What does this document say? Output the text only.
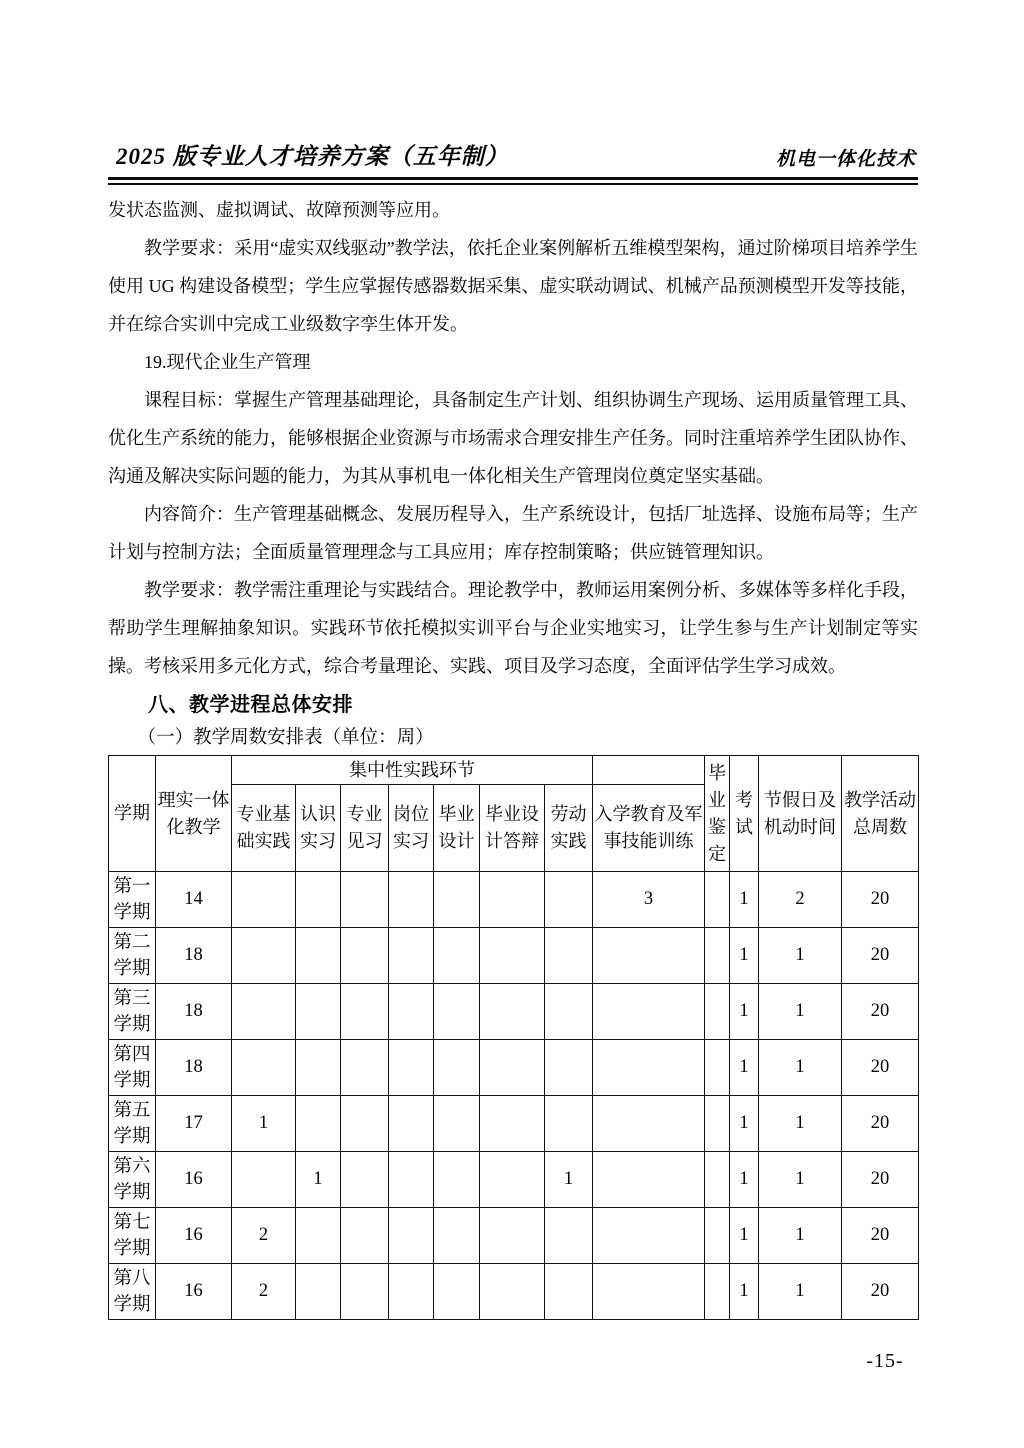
2025 版专业人才培养方案（五年制）	机电一体化技术

发状态监测、虚拟调试、故障预测等应用。

教学要求：采用“虚实双线驱动”教学法，依托企业案例解析五维模型架构，通过阶梯项目培养学生使用 UG 构建设备模型；学生应掌握传感器数据采集、虚实联动调试、机械产品预测模型开发等技能，并在综合实训中完成工业级数字孪生体开发。

19.现代企业生产管理

课程目标：掌握生产管理基础理论，具备制定生产计划、组织协调生产现场、运用质量管理工具、优化生产系统的能力，能够根据企业资源与市场需求合理安排生产任务。同时注重培养学生团队协作、沟通及解决实际问题的能力，为其从事机电一体化相关生产管理岗位奠定坚实基础。

内容简介：生产管理基础概念、发展历程导入，生产系统设计，包括厂址选择、设施布局等；生产计划与控制方法；全面质量管理理念与工具应用；库存控制策略；供应链管理知识。

教学要求：教学需注重理论与实践结合。理论教学中，教师运用案例分析、多媒体等多样化手段，帮助学生理解抽象知识。实践环节依托模拟实训平台与企业实地实习，让学生参与生产计划制定等实操。考核采用多元化方式，综合考量理论、实践、项目及学习态度，全面评估学生学习成效。

八、教学进程总体安排

（一）教学周数安排表（单位：周）

学期	理实一体化教学	集中性实践环节								毕业鉴定	考试	节假日及机动时间	教学活动总周数
		专业基础实践	认识实习	专业见习	岗位实习	毕业设计	毕业设计答辩	劳动实践	入学教育及军事技能训练				
第一学期	14								3		1	2	20
第二学期	18										1	1	20
第三学期	18										1	1	20
第四学期	18										1	1	20
第五学期	17	1									1	1	20
第六学期	16		1					1			1	1	20
第七学期	16	2									1	1	20
第八学期	16	2									1	1	20
-15-
